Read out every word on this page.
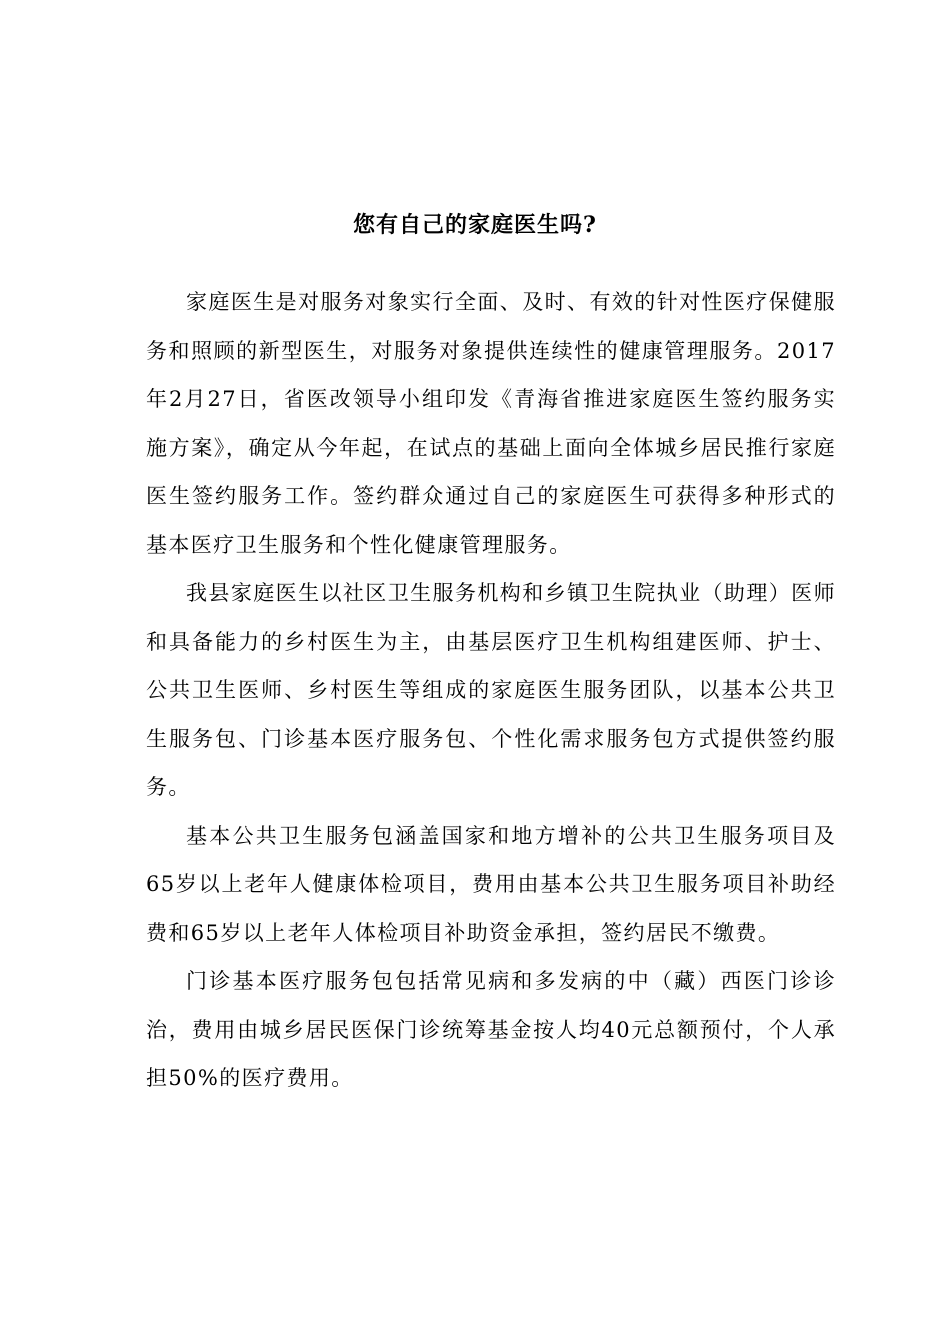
您有自己的家庭医生吗?

家庭医生是对服务对象实行全面、及时、有效的针对性医疗保健服务和照顾的新型医生，对服务对象提供连续性的健康管理服务。2017年2月27日，省医改领导小组印发《青海省推进家庭医生签约服务实施方案》，确定从今年起，在试点的基础上面向全体城乡居民推行家庭医生签约服务工作。签约群众通过自己的家庭医生可获得多种形式的基本医疗卫生服务和个性化健康管理服务。

我县家庭医生以社区卫生服务机构和乡镇卫生院执业（助理）医师和具备能力的乡村医生为主，由基层医疗卫生机构组建医师、护士、公共卫生医师、乡村医生等组成的家庭医生服务团队，以基本公共卫生服务包、门诊基本医疗服务包、个性化需求服务包方式提供签约服务。

基本公共卫生服务包涵盖国家和地方增补的公共卫生服务项目及65岁以上老年人健康体检项目，费用由基本公共卫生服务项目补助经费和65岁以上老年人体检项目补助资金承担，签约居民不缴费。

门诊基本医疗服务包包括常见病和多发病的中（藏）西医门诊诊治，费用由城乡居民医保门诊统筹基金按人均40元总额预付，个人承担50%的医疗费用。
